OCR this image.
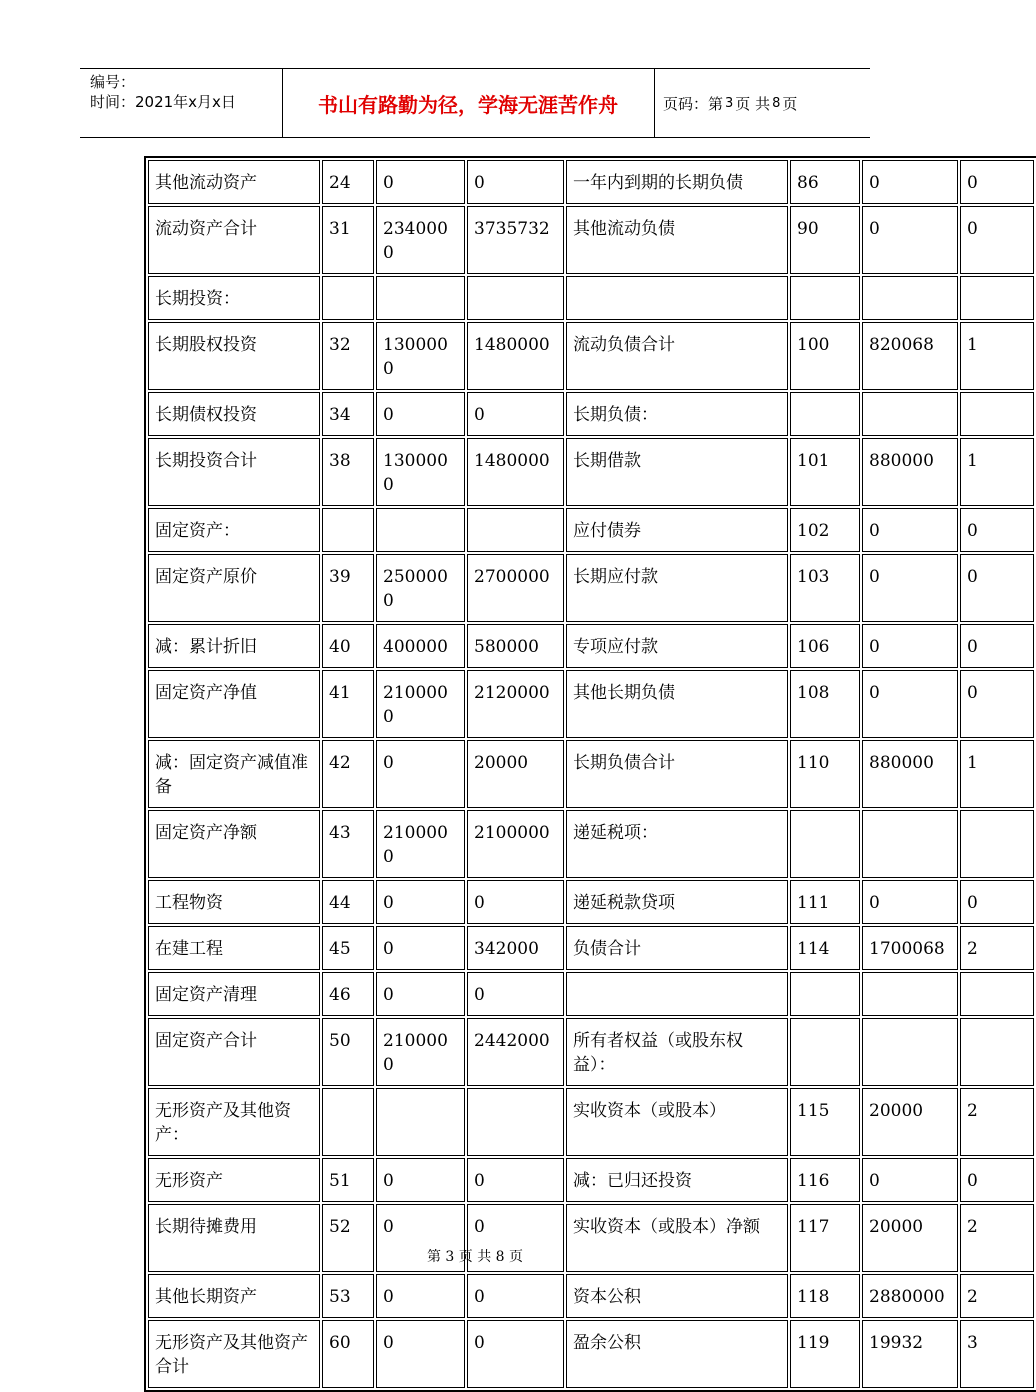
编号：
时间：2021年x月x日	书山有路勤为径，学海无涯苦作舟	页码：第 3 页 共 8 页
其他流动资产	24	0	0	一年内到期的长期负债	86	0	0
流动资产合计	31	2340000	3735732	其他流动负债	90	0	0
长期投资：							
长期股权投资	32	1300000	1480000	流动负债合计	100	820068	1
长期债权投资	34	0	0	长期负债：			
长期投资合计	38	1300000	1480000	长期借款	101	880000	1
固定资产：				应付债券	102	0	0
固定资产原价	39	2500000	2700000	长期应付款	103	0	0
减：累计折旧	40	400000	580000	专项应付款	106	0	0
固定资产净值	41	2100000	2120000	其他长期负债	108	0	0
减：固定资产减值准备	42	0	20000	长期负债合计	110	880000	1
固定资产净额	43	2100000	2100000	递延税项：			
工程物资	44	0	0	递延税款贷项	111	0	0
在建工程	45	0	342000	负债合计	114	1700068	2
固定资产清理	46	0	0				
固定资产合计	50	2100000	2442000	所有者权益（或股东权益）：			
无形资产及其他资产：				实收资本（或股本）	115	20000	2
无形资产	51	0	0	减：已归还投资	116	0	0
长期待摊费用	52	0	0	实收资本（或股本）净额	117	20000	2
其他长期资产	53	0	0	资本公积	118	2880000	2
无形资产及其他资产合计	60	0	0	盈余公积	119	19932	3
第 3 页 共 8 页
